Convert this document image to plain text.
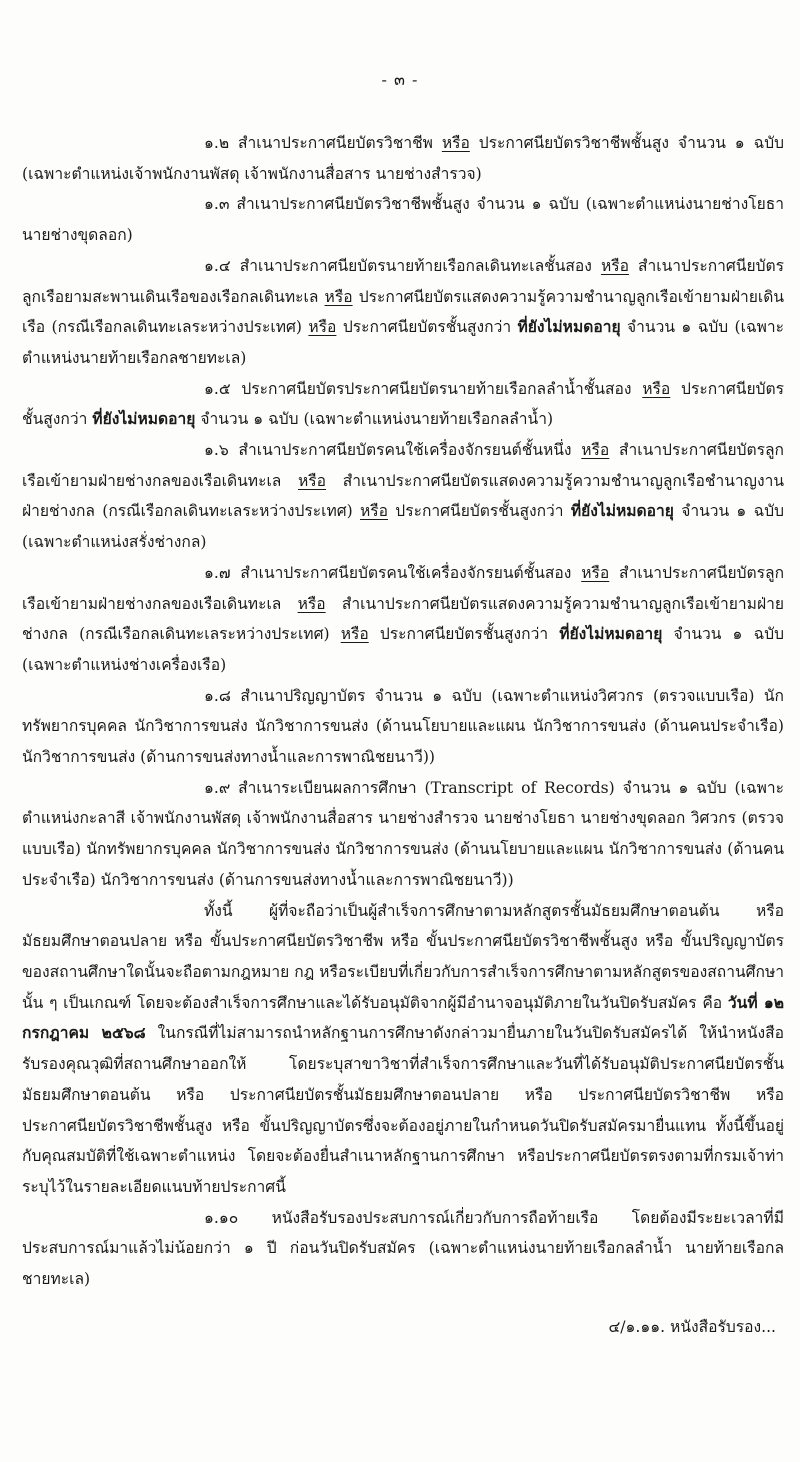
- ๓ -

๑.๒ สำเนาประกาศนียบัตรวิชาชีพ หรือ ประกาศนียบัตรวิชาชีพชั้นสูง จำนวน ๑ ฉบับ (เฉพาะตำแหน่งเจ้าพนักงานพัสดุ เจ้าพนักงานสื่อสาร นายช่างสำรวจ)

๑.๓ สำเนาประกาศนียบัตรวิชาชีพชั้นสูง จำนวน ๑ ฉบับ (เฉพาะตำแหน่งนายช่างโยธา นายช่างขุดลอก)

๑.๔ สำเนาประกาศนียบัตรนายท้ายเรือกลเดินทะเลชั้นสอง หรือ สำเนาประกาศนียบัตรลูกเรือยามสะพานเดินเรือของเรือกลเดินทะเล หรือ ประกาศนียบัตรแสดงความรู้ความชำนาญลูกเรือเข้ายามฝ่ายเดินเรือ (กรณีเรือกลเดินทะเลระหว่างประเทศ) หรือ ประกาศนียบัตรชั้นสูงกว่า ที่ยังไม่หมดอายุ จำนวน ๑ ฉบับ (เฉพาะตำแหน่งนายท้ายเรือกลชายทะเล)

๑.๕ ประกาศนียบัตรประกาศนียบัตรนายท้ายเรือกลลำน้ำชั้นสอง หรือ ประกาศนียบัตรชั้นสูงกว่า ที่ยังไม่หมดอายุ จำนวน ๑ ฉบับ (เฉพาะตำแหน่งนายท้ายเรือกลลำน้ำ)

๑.๖ สำเนาประกาศนียบัตรคนใช้เครื่องจักรยนต์ชั้นหนึ่ง หรือ สำเนาประกาศนียบัตรลูกเรือเข้ายามฝ่ายช่างกลของเรือเดินทะเล หรือ สำเนาประกาศนียบัตรแสดงความรู้ความชำนาญลูกเรือชำนาญงานฝ่ายช่างกล (กรณีเรือกลเดินทะเลระหว่างประเทศ) หรือ ประกาศนียบัตรชั้นสูงกว่า ที่ยังไม่หมดอายุ จำนวน ๑ ฉบับ (เฉพาะตำแหน่งสรั่งช่างกล)

๑.๗ สำเนาประกาศนียบัตรคนใช้เครื่องจักรยนต์ชั้นสอง หรือ สำเนาประกาศนียบัตรลูกเรือเข้ายามฝ่ายช่างกลของเรือเดินทะเล หรือ สำเนาประกาศนียบัตรแสดงความรู้ความชำนาญลูกเรือเข้ายามฝ่ายช่างกล (กรณีเรือกลเดินทะเลระหว่างประเทศ) หรือ ประกาศนียบัตรชั้นสูงกว่า ที่ยังไม่หมดอายุ จำนวน ๑ ฉบับ (เฉพาะตำแหน่งช่างเครื่องเรือ)

๑.๘ สำเนาปริญญาบัตร จำนวน ๑ ฉบับ (เฉพาะตำแหน่งวิศวกร (ตรวจแบบเรือ) นักทรัพยากรบุคคล นักวิชาการขนส่ง นักวิชาการขนส่ง (ด้านนโยบายและแผน นักวิชาการขนส่ง (ด้านคนประจำเรือ) นักวิชาการขนส่ง (ด้านการขนส่งทางน้ำและการพาณิชยนาวี))

๑.๙ สำเนาระเบียนผลการศึกษา (Transcript of Records) จำนวน ๑ ฉบับ (เฉพาะตำแหน่งกะลาสี เจ้าพนักงานพัสดุ เจ้าพนักงานสื่อสาร นายช่างสำรวจ นายช่างโยธา นายช่างขุดลอก วิศวกร (ตรวจแบบเรือ) นักทรัพยากรบุคคล นักวิชาการขนส่ง นักวิชาการขนส่ง (ด้านนโยบายและแผน นักวิชาการขนส่ง (ด้านคนประจำเรือ) นักวิชาการขนส่ง (ด้านการขนส่งทางน้ำและการพาณิชยนาวี))

ทั้งนี้ ผู้ที่จะถือว่าเป็นผู้สำเร็จการศึกษาตามหลักสูตรชั้นมัธยมศึกษาตอนต้น หรือ มัธยมศึกษาตอนปลาย หรือ ขั้นประกาศนียบัตรวิชาชีพ หรือ ขั้นประกาศนียบัตรวิชาชีพชั้นสูง หรือ ขั้นปริญญาบัตรของสถานศึกษาใดนั้นจะถือตามกฎหมาย กฎ หรือระเบียบที่เกี่ยวกับการสำเร็จการศึกษาตามหลักสูตรของสถานศึกษานั้น ๆ เป็นเกณฑ์ โดยจะต้องสำเร็จการศึกษาและได้รับอนุมัติจากผู้มีอำนาจอนุมัติภายในวันปิดรับสมัคร คือ วันที่ ๑๒ กรกฎาคม ๒๕๖๘ ในกรณีที่ไม่สามารถนำหลักฐานการศึกษาดังกล่าวมายื่นภายในวันปิดรับสมัครได้ ให้นำหนังสือรับรองคุณวุฒิที่สถานศึกษาออกให้ โดยระบุสาขาวิชาที่สำเร็จการศึกษาและวันที่ได้รับอนุมัติประกาศนียบัตรชั้นมัธยมศึกษาตอนต้น หรือ ประกาศนียบัตรชั้นมัธยมศึกษาตอนปลาย หรือ ประกาศนียบัตรวิชาชีพ หรือ ประกาศนียบัตรวิชาชีพชั้นสูง หรือ ขั้นปริญญาบัตรซึ่งจะต้องอยู่ภายในกำหนดวันปิดรับสมัครมายื่นแทน ทั้งนี้ขึ้นอยู่กับคุณสมบัติที่ใช้เฉพาะตำแหน่ง โดยจะต้องยื่นสำเนาหลักฐานการศึกษา หรือประกาศนียบัตรตรงตามที่กรมเจ้าท่าระบุไว้ในรายละเอียดแนบท้ายประกาศนี้

๑.๑๐ หนังสือรับรองประสบการณ์เกี่ยวกับการถือท้ายเรือ โดยต้องมีระยะเวลาที่มีประสบการณ์มาแล้วไม่น้อยกว่า ๑ ปี ก่อนวันปิดรับสมัคร (เฉพาะตำแหน่งนายท้ายเรือกลลำน้ำ นายท้ายเรือกลชายทะเล)

๔/๑.๑๑. หนังสือรับรอง...
